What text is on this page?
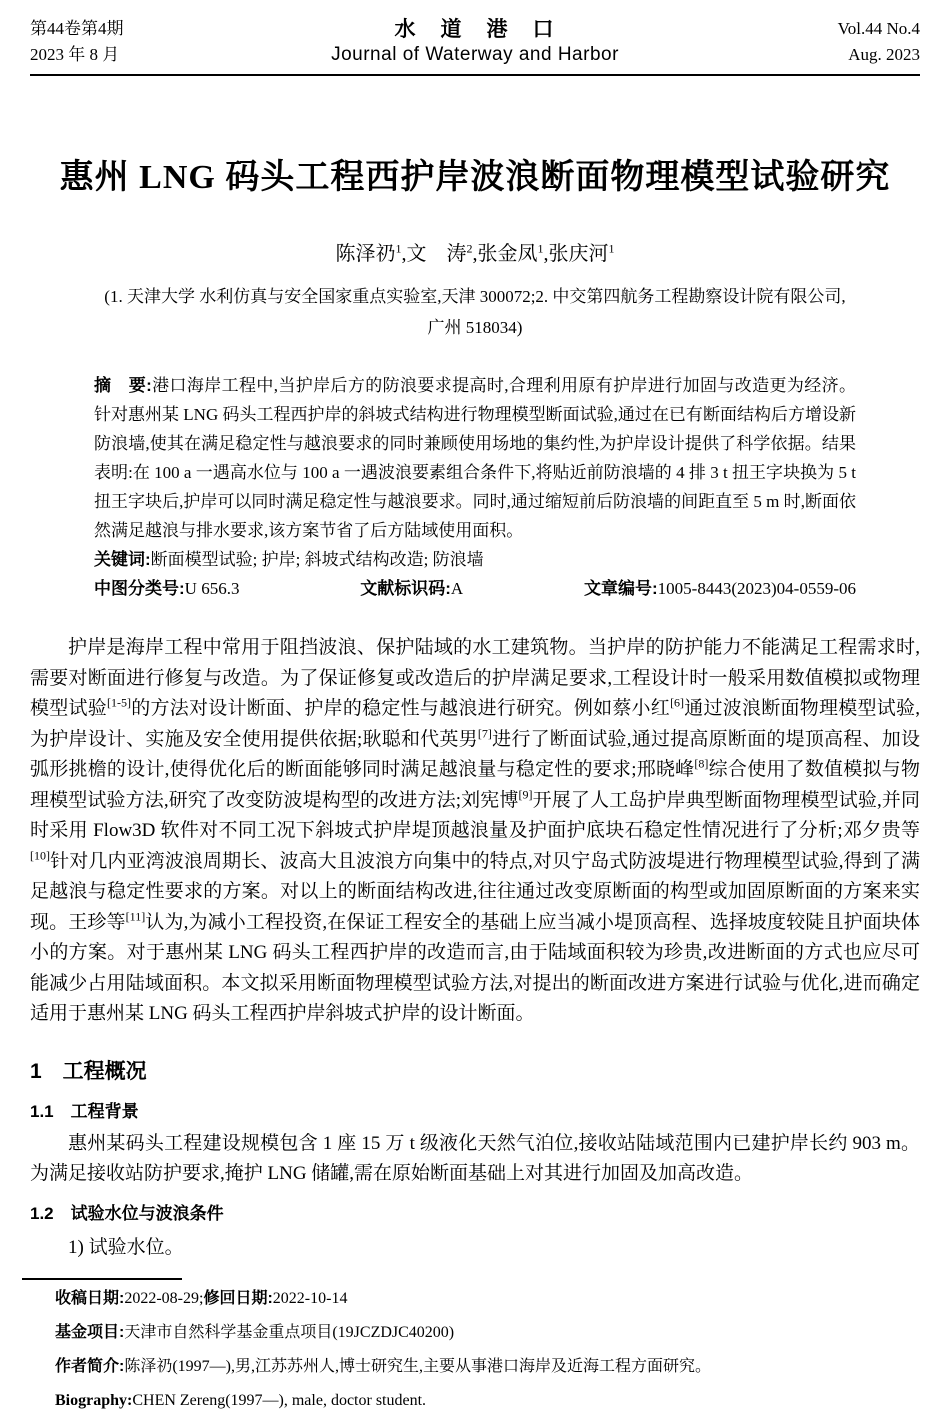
第44卷第4期
2023 年 8 月
水　道　港　口
Journal of Waterway and Harbor
Vol.44 No.4
Aug. 2023
惠州 LNG 码头工程西护岸波浪断面物理模型试验研究
陈泽礽$^1$,文　涛$^2$,张金凤$^1$,张庆河$^1$
(1. 天津大学 水利仿真与安全国家重点实验室,天津 300072;2. 中交第四航务工程勘察设计院有限公司,
广州 518034)
摘　要:港口海岸工程中,当护岸后方的防浪要求提高时,合理利用原有护岸进行加固与改造更为经济。针对惠州某 LNG 码头工程西护岸的斜坡式结构进行物理模型断面试验,通过在已有断面结构后方增设新防浪墙,使其在满足稳定性与越浪要求的同时兼顾使用场地的集约性,为护岸设计提供了科学依据。结果表明:在 100 a 一遇高水位与 100 a 一遇波浪要素组合条件下,将贴近前防浪墙的 4 排 3 t 扭王字块换为 5 t 扭王字块后,护岸可以同时满足稳定性与越浪要求。同时,通过缩短前后防浪墙的间距直至 5 m 时,断面依然满足越浪与排水要求,该方案节省了后方陆域使用面积。
关键词:断面模型试验; 护岸; 斜坡式结构改造; 防浪墙
中图分类号:U 656.3	文献标识码:A	文章编号:1005-8443(2023)04-0559-06

护岸是海岸工程中常用于阻挡波浪、保护陆域的水工建筑物。当护岸的防护能力不能满足工程需求时,需要对断面进行修复与改造。为了保证修复或改造后的护岸满足要求,工程设计时一般采用数值模拟或物理模型试验[1-5]的方法对设计断面、护岸的稳定性与越浪进行研究。例如蔡小红[6]通过波浪断面物理模型试验,为护岸设计、实施及安全使用提供依据;耿聪和代英男[7]进行了断面试验,通过提高原断面的堤顶高程、加设弧形挑檐的设计,使得优化后的断面能够同时满足越浪量与稳定性的要求;邢晓峰[8]综合使用了数值模拟与物理模型试验方法,研究了改变防波堤构型的改进方法;刘宪博[9]开展了人工岛护岸典型断面物理模型试验,并同时采用 Flow3D 软件对不同工况下斜坡式护岸堤顶越浪量及护面护底块石稳定性情况进行了分析;邓夕贵等[10]针对几内亚湾波浪周期长、波高大且波浪方向集中的特点,对贝宁岛式防波堤进行物理模型试验,得到了满足越浪与稳定性要求的方案。对以上的断面结构改进,往往通过改变原断面的构型或加固原断面的方案来实现。王珍等[11]认为,为减小工程投资,在保证工程安全的基础上应当减小堤顶高程、选择坡度较陡且护面块体小的方案。对于惠州某 LNG 码头工程西护岸的改造而言,由于陆域面积较为珍贵,改进断面的方式也应尽可能减少占用陆域面积。本文拟采用断面物理模型试验方法,对提出的断面改进方案进行试验与优化,进而确定适用于惠州某 LNG 码头工程西护岸斜坡式护岸的设计断面。

1　工程概况
1.1　工程背景

惠州某码头工程建设规模包含 1 座 15 万 t 级液化天然气泊位,接收站陆域范围内已建护岸长约 903 m。为满足接收站防护要求,掩护 LNG 储罐,需在原始断面基础上对其进行加固及加高改造。

1.2　试验水位与波浪条件
1) 试验水位。
收稿日期:2022-08-29;修回日期:2022-10-14
基金项目:天津市自然科学基金重点项目(19JCZDJC40200)
作者简介:陈泽礽(1997—),男,江苏苏州人,博士研究生,主要从事港口海岸及近海工程方面研究。
Biography:CHEN Zereng(1997—), male, doctor student.
